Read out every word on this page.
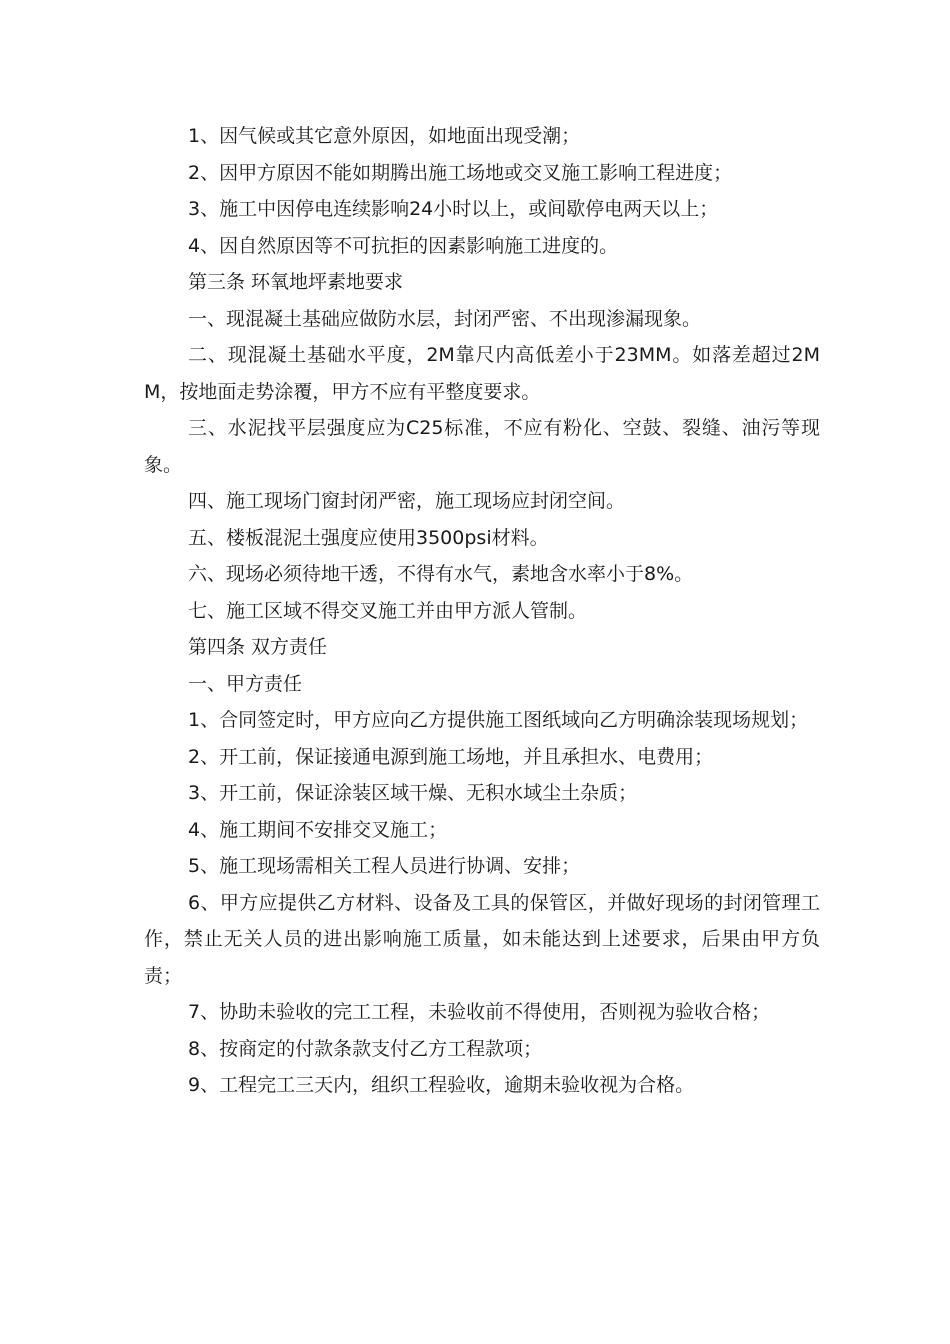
1、因气候或其它意外原因，如地面出现受潮；

2、因甲方原因不能如期腾出施工场地或交叉施工影响工程进度；

3、施工中因停电连续影响24小时以上，或间歇停电两天以上；

4、因自然原因等不可抗拒的因素影响施工进度的。

第三条 环氧地坪素地要求

一、现混凝土基础应做防水层，封闭严密、不出现渗漏现象。

二、现混凝土基础水平度，2M靠尺内高低差小于23MM。如落差超过2MM，按地面走势涂覆，甲方不应有平整度要求。

三、水泥找平层强度应为C25标准，不应有粉化、空鼓、裂缝、油污等现象。

四、施工现场门窗封闭严密，施工现场应封闭空间。

五、楼板混泥土强度应使用3500psi材料。

六、现场必须待地干透，不得有水气，素地含水率小于8%。

七、施工区域不得交叉施工并由甲方派人管制。

第四条 双方责任

一、甲方责任

1、合同签定时，甲方应向乙方提供施工图纸域向乙方明确涂装现场规划；

2、开工前，保证接通电源到施工场地，并且承担水、电费用；

3、开工前，保证涂装区域干燥、无积水域尘土杂质；

4、施工期间不安排交叉施工；

5、施工现场需相关工程人员进行协调、安排；

6、甲方应提供乙方材料、设备及工具的保管区，并做好现场的封闭管理工作，禁止无关人员的进出影响施工质量，如未能达到上述要求，后果由甲方负责；

7、协助未验收的完工工程，未验收前不得使用，否则视为验收合格；

8、按商定的付款条款支付乙方工程款项；

9、工程完工三天内，组织工程验收，逾期未验收视为合格。
